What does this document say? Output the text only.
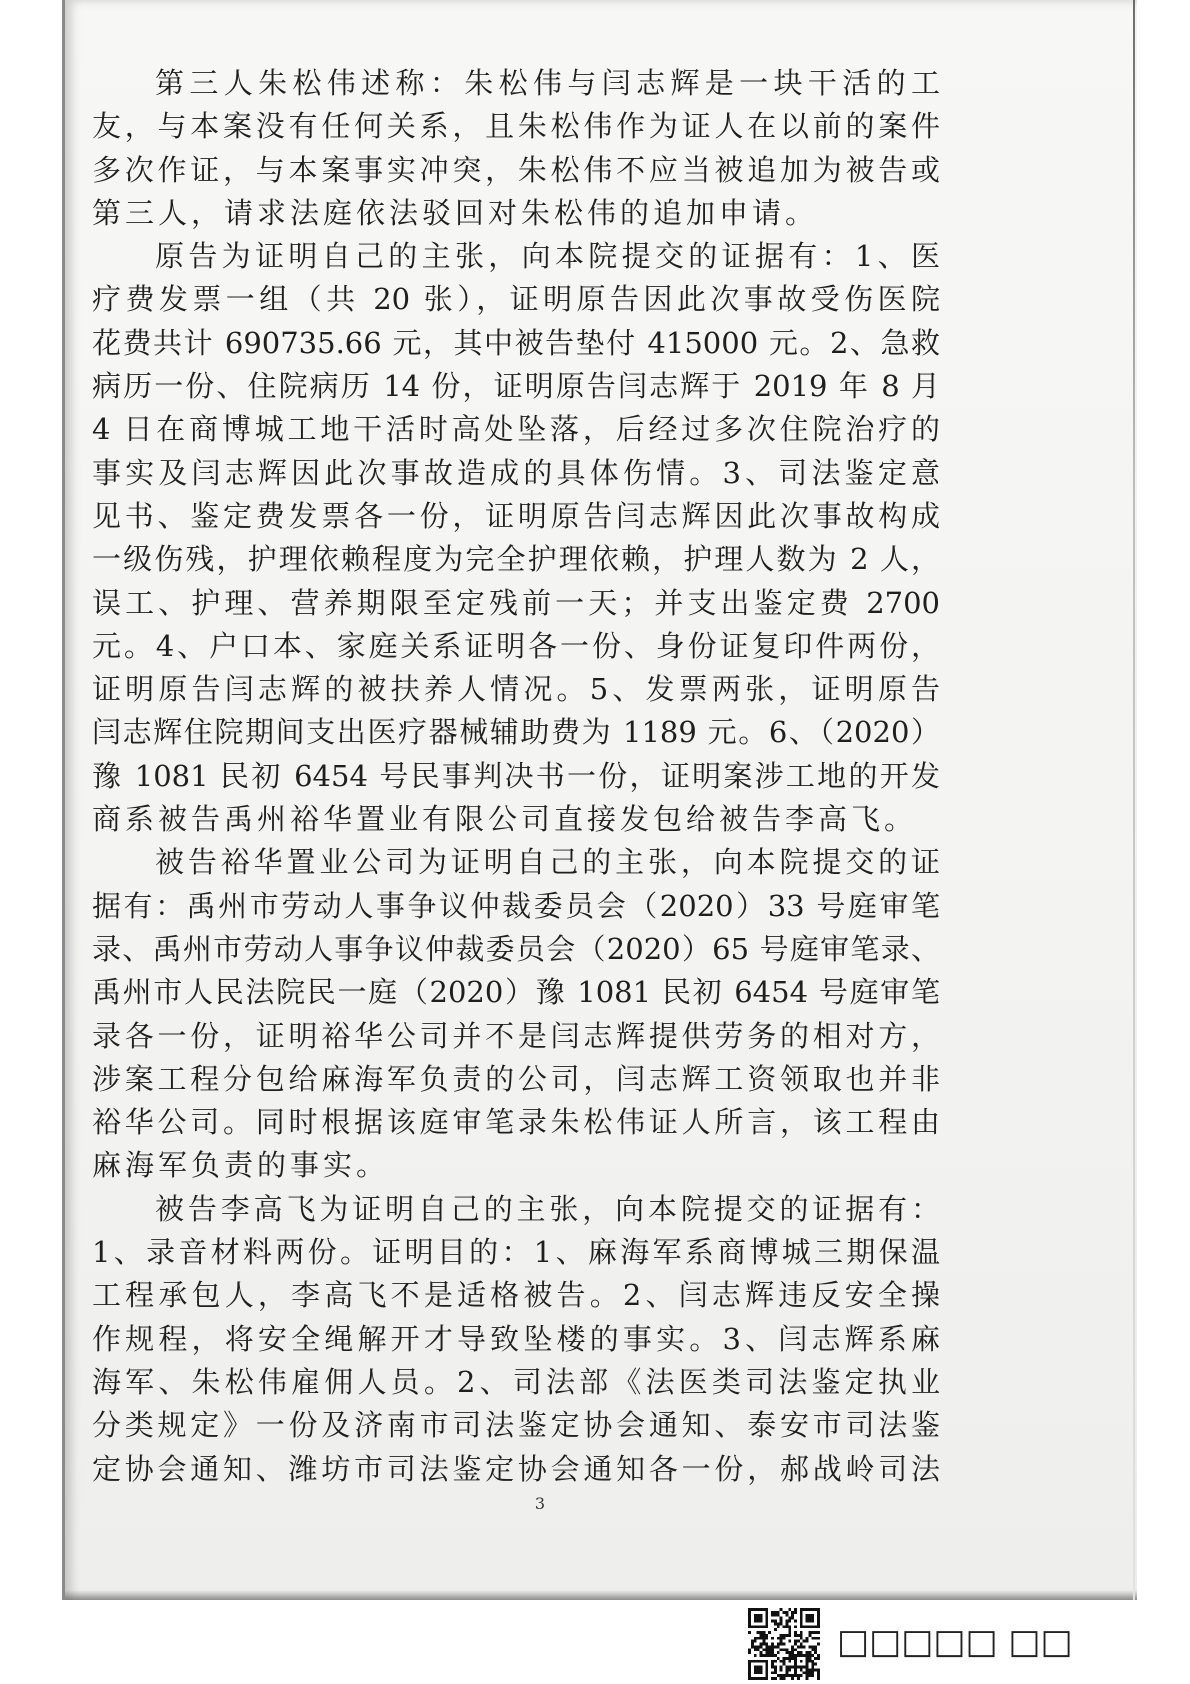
第三人朱松伟述称：朱松伟与闫志辉是一块干活的工
友，与本案没有任何关系，且朱松伟作为证人在以前的案件
多次作证，与本案事实冲突，朱松伟不应当被追加为被告或
第三人，请求法庭依法驳回对朱松伟的追加申请。
原告为证明自己的主张，向本院提交的证据有：1、医
疗费发票一组（共 20 张），证明原告因此次事故受伤医院
花费共计 690735.66 元，其中被告垫付 415000 元。2、急救
病历一份、住院病历 14 份，证明原告闫志辉于 2019 年 8 月
4 日在商博城工地干活时高处坠落，后经过多次住院治疗的
事实及闫志辉因此次事故造成的具体伤情。3、司法鉴定意
见书、鉴定费发票各一份，证明原告闫志辉因此次事故构成
一级伤残，护理依赖程度为完全护理依赖，护理人数为 2 人，
误工、护理、营养期限至定残前一天；并支出鉴定费 2700
元。4、户口本、家庭关系证明各一份、身份证复印件两份，
证明原告闫志辉的被扶养人情况。5、发票两张，证明原告
闫志辉住院期间支出医疗器械辅助费为 1189 元。6、（2020）
豫 1081 民初 6454 号民事判决书一份，证明案涉工地的开发
商系被告禹州裕华置业有限公司直接发包给被告李高飞。
被告裕华置业公司为证明自己的主张，向本院提交的证
据有：禹州市劳动人事争议仲裁委员会（2020）33 号庭审笔
录、禹州市劳动人事争议仲裁委员会（2020）65 号庭审笔录、
禹州市人民法院民一庭（2020）豫 1081 民初 6454 号庭审笔
录各一份，证明裕华公司并不是闫志辉提供劳务的相对方，
涉案工程分包给麻海军负责的公司，闫志辉工资领取也并非
裕华公司。同时根据该庭审笔录朱松伟证人所言，该工程由
麻海军负责的事实。
被告李高飞为证明自己的主张，向本院提交的证据有：
1、录音材料两份。证明目的：1、麻海军系商博城三期保温
工程承包人，李高飞不是适格被告。2、闫志辉违反安全操
作规程，将安全绳解开才导致坠楼的事实。3、闫志辉系麻
海军、朱松伟雇佣人员。2、司法部《法医类司法鉴定执业
分类规定》一份及济南市司法鉴定协会通知、泰安市司法鉴
定协会通知、潍坊市司法鉴定协会通知各一份，郝战岭司法
3
□□□□□ □□
